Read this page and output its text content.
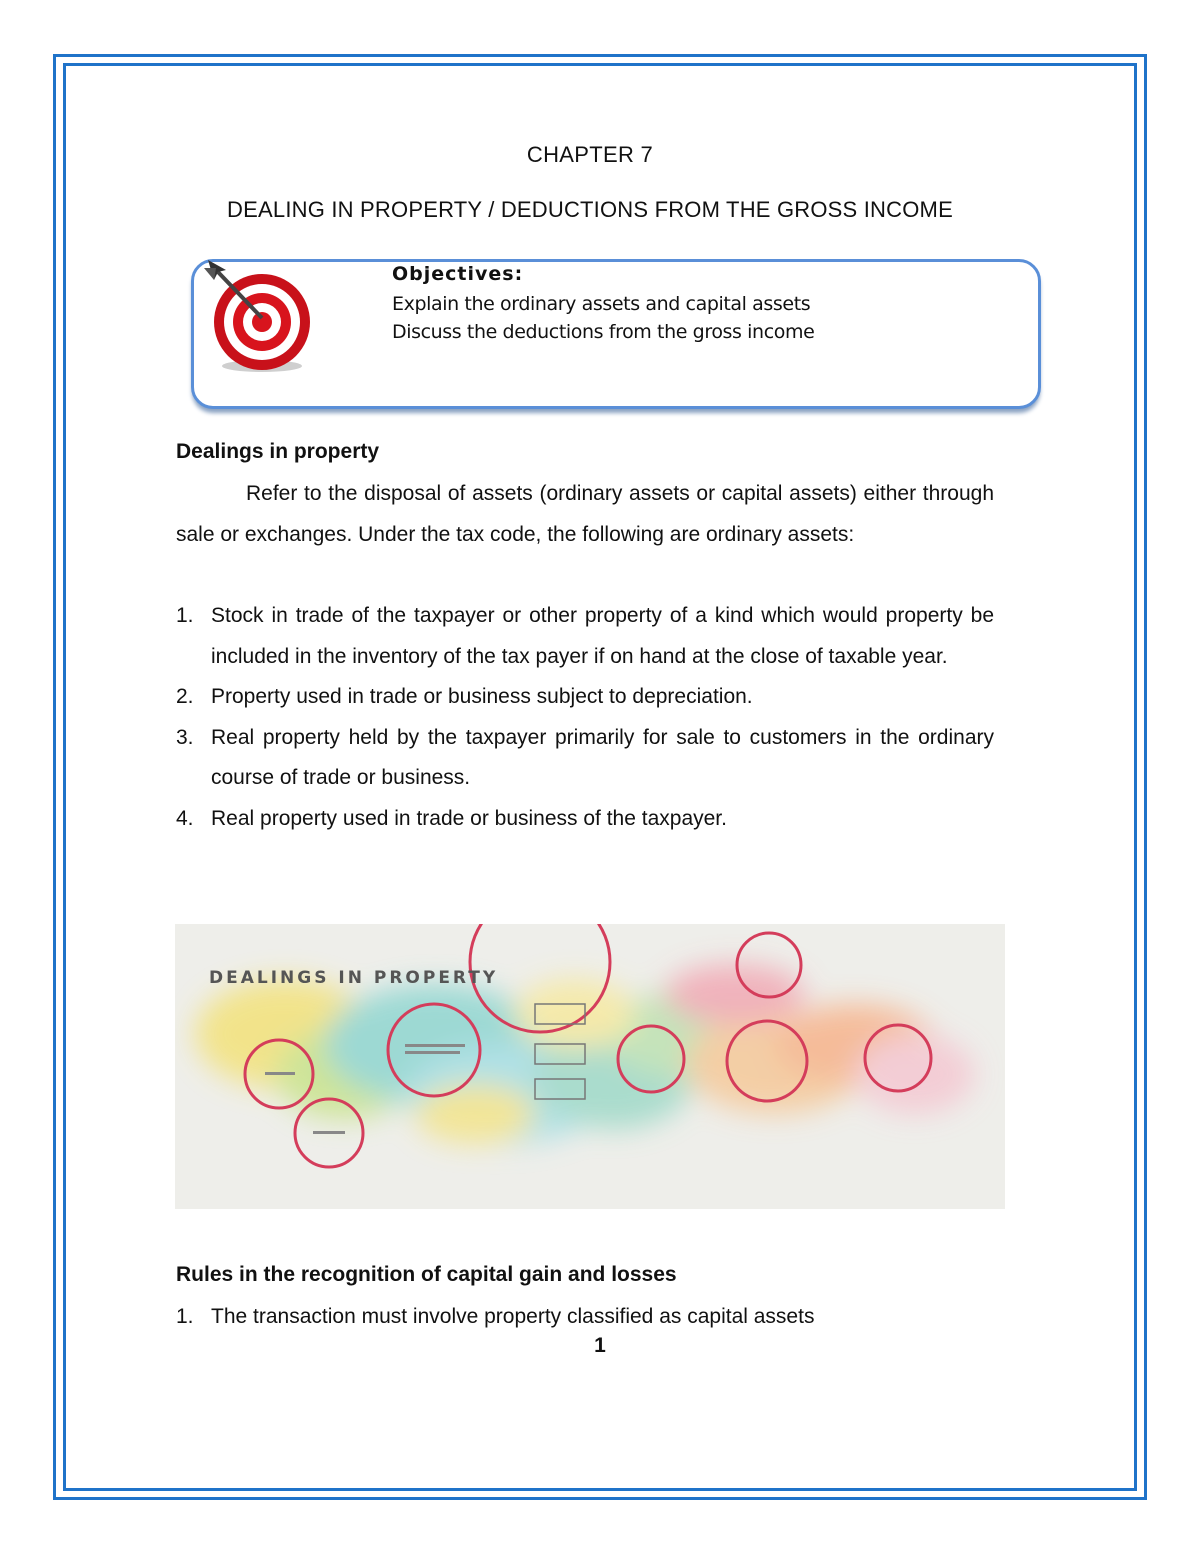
CHAPTER 7
DEALING IN PROPERTY / DEDUCTIONS FROM THE GROSS INCOME
Objectives:
Explain the ordinary assets and capital assets
Discuss the deductions from the gross income
Dealings in property
Refer to the disposal of assets (ordinary assets or capital assets) either through sale or exchanges. Under the tax code, the following are ordinary assets:
1. Stock in trade of the taxpayer or other property of a kind which would property be included in the inventory of the tax payer if on hand at the close of taxable year.
2. Property used in trade or business subject to depreciation.
3. Real property held by the taxpayer primarily for sale to customers in the ordinary course of trade or business.
4. Real property used in trade or business of the taxpayer.
DEALINGS IN PROPERTY
Rules in the recognition of capital gain and losses
1. The transaction must involve property classified as capital assets
1
